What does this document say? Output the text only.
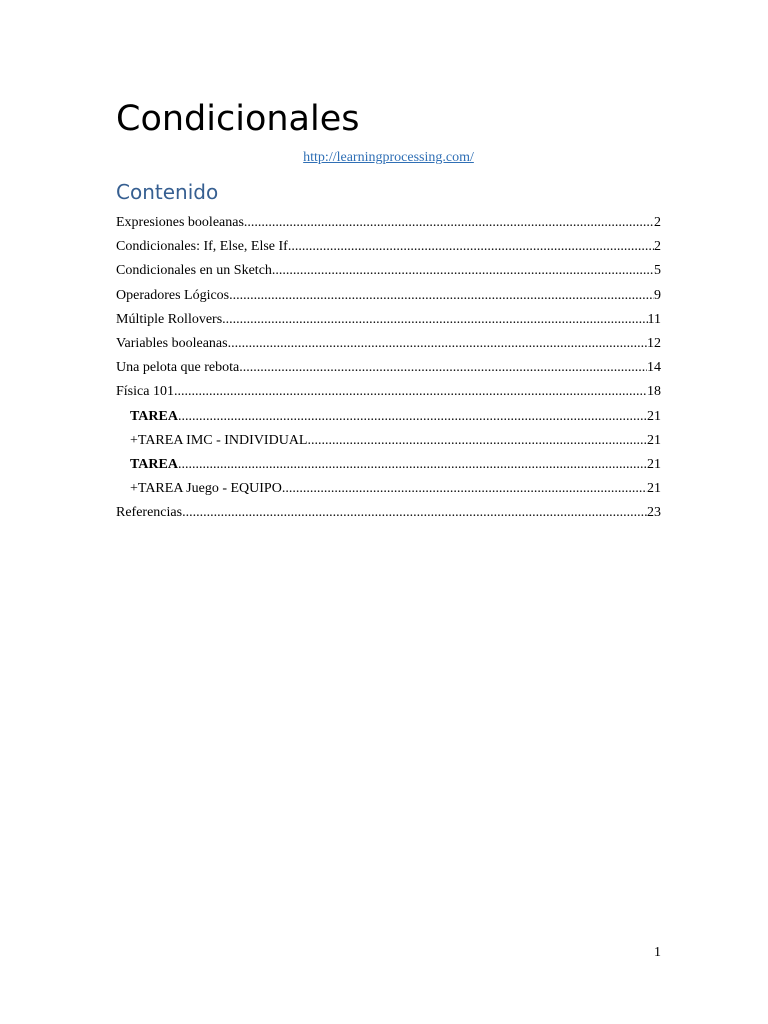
Condicionales
http://learningprocessing.com/
Contenido
Expresiones booleanas .....	2
Condicionales: If, Else, Else If .....	2
Condicionales en un Sketch .....	5
Operadores Lógicos .....	9
Múltiple Rollovers .....	11
Variables booleanas .....	12
Una pelota que rebota .....	14
Física 101 .....	18
TAREA .....	21
+TAREA IMC - INDIVIDUAL .....	21
TAREA .....	21
+TAREA Juego - EQUIPO .....	21
Referencias .....	23
1
